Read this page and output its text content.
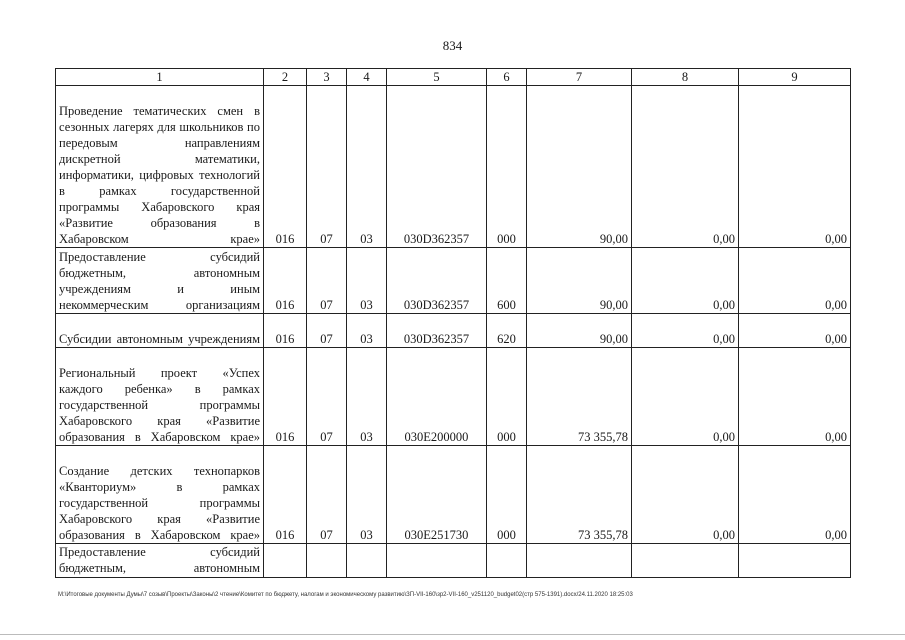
834
1	2	3	4	5	6	7	8	9
Проведение тематических смен в сезонных лагерях для школьников по передовым направлениям дискретной математики, информатики, цифровых технологий в рамках государственной программы Хабаровского края «Развитие образования в Хабаровском крае»	016	07	03	030D362357	000	90,00	0,00	0,00
Предоставление субсидий бюджетным, автономным учреждениям и иным некоммерческим организациям	016	07	03	030D362357	600	90,00	0,00	0,00
Субсидии автономным учреждениям	016	07	03	030D362357	620	90,00	0,00	0,00
Региональный проект «Успех каждого ребенка» в рамках государственной программы Хабаровского края «Развитие образования в Хабаровском крае»	016	07	03	030E200000	000	73 355,78	0,00	0,00
Создание детских технопарков «Кванториум» в рамках государственной программы Хабаровского края «Развитие образования в Хабаровском крае»	016	07	03	030E251730	000	73 355,78	0,00	0,00
Предоставление субсидий бюджетным, автономным								
M:\Итоговые документы Думы\7 созыв\Проекты\Законы\2 чтение\Комитет по бюджету, налогам и экономическому развитию\ЗП-VII-160\зр2-VII-160_v251120_budget02(стр 575-1391).docx/24.11.2020 18:25:03
